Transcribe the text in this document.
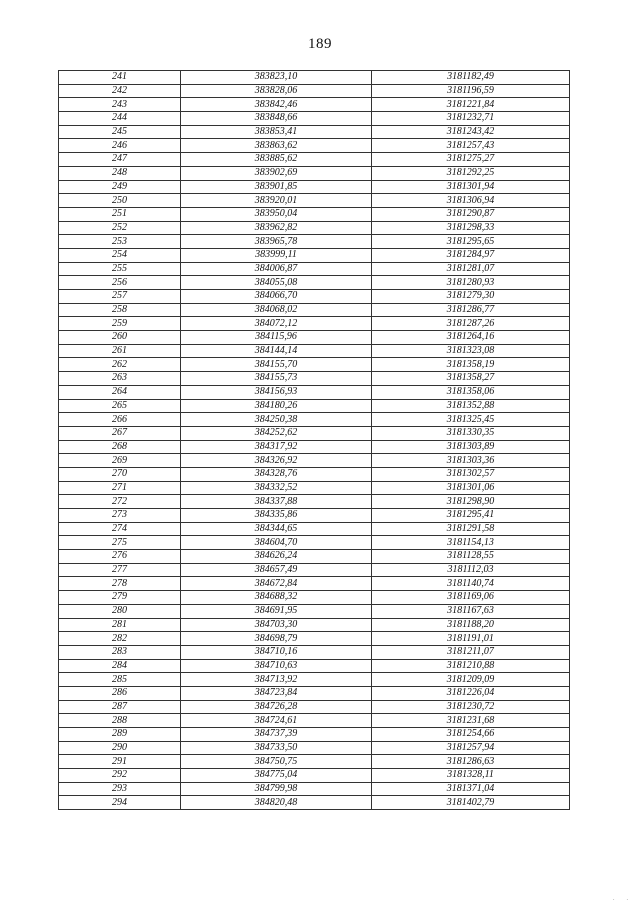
189
241	383823,10	3181182,49
242	383828,06	3181196,59
243	383842,46	3181221,84
244	383848,66	3181232,71
245	383853,41	3181243,42
246	383863,62	3181257,43
247	383885,62	3181275,27
248	383902,69	3181292,25
249	383901,85	3181301,94
250	383920,01	3181306,94
251	383950,04	3181290,87
252	383962,82	3181298,33
253	383965,78	3181295,65
254	383999,11	3181284,97
255	384006,87	3181281,07
256	384055,08	3181280,93
257	384066,70	3181279,30
258	384068,02	3181286,77
259	384072,12	3181287,26
260	384115,96	3181264,16
261	384144,14	3181323,08
262	384155,70	3181358,19
263	384155,73	3181358,27
264	384156,93	3181358,06
265	384180,26	3181352,88
266	384250,38	3181325,45
267	384252,62	3181330,35
268	384317,92	3181303,89
269	384326,92	3181303,36
270	384328,76	3181302,57
271	384332,52	3181301,06
272	384337,88	3181298,90
273	384335,86	3181295,41
274	384344,65	3181291,58
275	384604,70	3181154,13
276	384626,24	3181128,55
277	384657,49	3181112,03
278	384672,84	3181140,74
279	384688,32	3181169,06
280	384691,95	3181167,63
281	384703,30	3181188,20
282	384698,79	3181191,01
283	384710,16	3181211,07
284	384710,63	3181210,88
285	384713,92	3181209,09
286	384723,84	3181226,04
287	384726,28	3181230,72
288	384724,61	3181231,68
289	384737,39	3181254,66
290	384733,50	3181257,94
291	384750,75	3181286,63
292	384775,04	3181328,11
293	384799,98	3181371,04
294	384820,48	3181402,79
.        .
